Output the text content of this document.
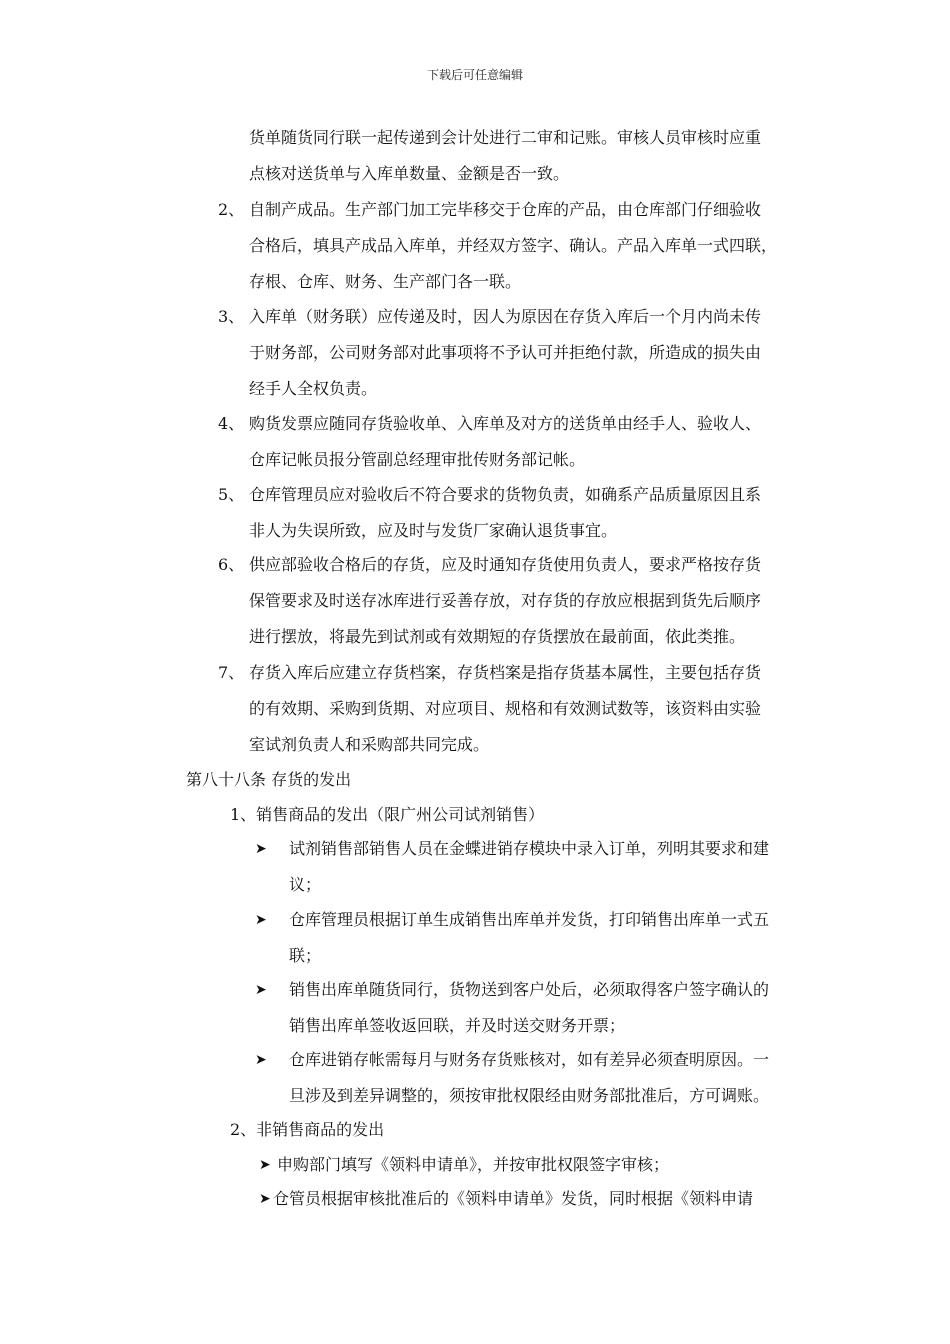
下载后可任意编辑
货单随货同行联一起传递到会计处进行二审和记账。审核人员审核时应重
点核对送货单与入库单数量、金额是否一致。
2、 自制产成品。生产部门加工完毕移交于仓库的产品，由仓库部门仔细验收
合格后，填具产成品入库单，并经双方签字、确认。产品入库单一式四联，
存根、仓库、财务、生产部门各一联。
3、 入库单（财务联）应传递及时，因人为原因在存货入库后一个月内尚未传
于财务部，公司财务部对此事项将不予认可并拒绝付款，所造成的损失由
经手人全权负责。
4、 购货发票应随同存货验收单、入库单及对方的送货单由经手人、验收人、
仓库记帐员报分管副总经理审批传财务部记帐。
5、 仓库管理员应对验收后不符合要求的货物负责，如确系产品质量原因且系
非人为失误所致，应及时与发货厂家确认退货事宜。
6、 供应部验收合格后的存货，应及时通知存货使用负责人，要求严格按存货
保管要求及时送存冰库进行妥善存放，对存货的存放应根据到货先后顺序
进行摆放，将最先到试剂或有效期短的存货摆放在最前面，依此类推。
7、 存货入库后应建立存货档案，存货档案是指存货基本属性，主要包括存货
的有效期、采购到货期、对应项目、规格和有效测试数等，该资料由实验
室试剂负责人和采购部共同完成。
第八十八条 存货的发出
1、销售商品的发出（限广州公司试剂销售）
➤ 试剂销售部销售人员在金蝶进销存模块中录入订单，列明其要求和建
议；
➤ 仓库管理员根据订单生成销售出库单并发货，打印销售出库单一式五
联；
➤ 销售出库单随货同行，货物送到客户处后，必须取得客户签字确认的
销售出库单签收返回联，并及时送交财务开票；
➤ 仓库进销存帐需每月与财务存货账核对，如有差异必须查明原因。一
旦涉及到差异调整的，须按审批权限经由财务部批准后，方可调账。
2、非销售商品的发出
➤ 申购部门填写《领料申请单》，并按审批权限签字审核；
➤ 仓管员根据审核批准后的《领料申请单》发货，同时根据《领料申请
